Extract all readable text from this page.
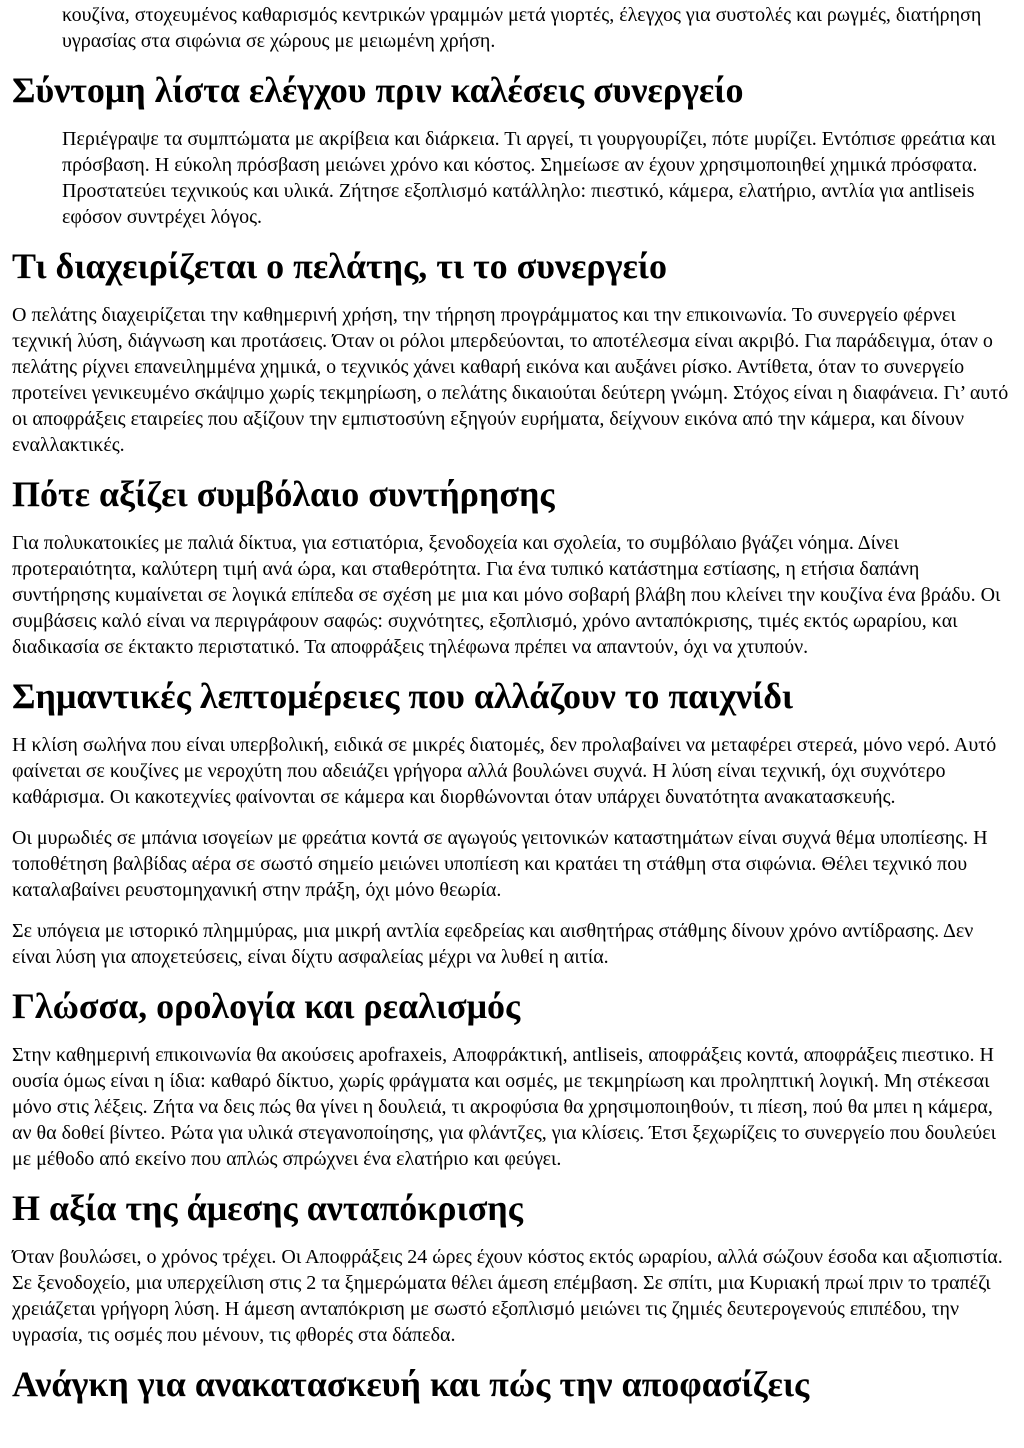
κουζίνα, στοχευμένος καθαρισμός κεντρικών γραμμών μετά γιορτές, έλεγχος για συστολές και ρωγμές, διατήρηση υγρασίας στα σιφώνια σε χώρους με μειωμένη χρήση.

Σύντομη λίστα ελέγχου πριν καλέσεις συνεργείο

Περιέγραψε τα συμπτώματα με ακρίβεια και διάρκεια. Τι αργεί, τι γουργουρίζει, πότε μυρίζει. Εντόπισε φρεάτια και πρόσβαση. Η εύκολη πρόσβαση μειώνει χρόνο και κόστος. Σημείωσε αν έχουν χρησιμοποιηθεί χημικά πρόσφατα. Προστατεύει τεχνικούς και υλικά. Ζήτησε εξοπλισμό κατάλληλο: πιεστικό, κάμερα, ελατήριο, αντλία για antliseis εφόσον συντρέχει λόγος.

Τι διαχειρίζεται ο πελάτης, τι το συνεργείο

Ο πελάτης διαχειρίζεται την καθημερινή χρήση, την τήρηση προγράμματος και την επικοινωνία. Το συνεργείο φέρνει τεχνική λύση, διάγνωση και προτάσεις. Όταν οι ρόλοι μπερδεύονται, το αποτέλεσμα είναι ακριβό. Για παράδειγμα, όταν ο πελάτης ρίχνει επανειλημμένα χημικά, ο τεχνικός χάνει καθαρή εικόνα και αυξάνει ρίσκο. Αντίθετα, όταν το συνεργείο προτείνει γενικευμένο σκάψιμο χωρίς τεκμηρίωση, ο πελάτης δικαιούται δεύτερη γνώμη. Στόχος είναι η διαφάνεια. Γι’ αυτό οι αποφράξεις εταιρείες που αξίζουν την εμπιστοσύνη εξηγούν ευρήματα, δείχνουν εικόνα από την κάμερα, και δίνουν εναλλακτικές.

Πότε αξίζει συμβόλαιο συντήρησης

Για πολυκατοικίες με παλιά δίκτυα, για εστιατόρια, ξενοδοχεία και σχολεία, το συμβόλαιο βγάζει νόημα. Δίνει προτεραιότητα, καλύτερη τιμή ανά ώρα, και σταθερότητα. Για ένα τυπικό κατάστημα εστίασης, η ετήσια δαπάνη συντήρησης κυμαίνεται σε λογικά επίπεδα σε σχέση με μια και μόνο σοβαρή βλάβη που κλείνει την κουζίνα ένα βράδυ. Οι συμβάσεις καλό είναι να περιγράφουν σαφώς: συχνότητες, εξοπλισμό, χρόνο ανταπόκρισης, τιμές εκτός ωραρίου, και διαδικασία σε έκτακτο περιστατικό. Τα αποφράξεις τηλέφωνα πρέπει να απαντούν, όχι να χτυπούν.

Σημαντικές λεπτομέρειες που αλλάζουν το παιχνίδι

Η κλίση σωλήνα που είναι υπερβολική, ειδικά σε μικρές διατομές, δεν προλαβαίνει να μεταφέρει στερεά, μόνο νερό. Αυτό φαίνεται σε κουζίνες με νεροχύτη που αδειάζει γρήγορα αλλά βουλώνει συχνά. Η λύση είναι τεχνική, όχι συχνότερο καθάρισμα. Οι κακοτεχνίες φαίνονται σε κάμερα και διορθώνονται όταν υπάρχει δυνατότητα ανακατασκευής.

Οι μυρωδιές σε μπάνια ισογείων με φρεάτια κοντά σε αγωγούς γειτονικών καταστημάτων είναι συχνά θέμα υποπίεσης. Η τοποθέτηση βαλβίδας αέρα σε σωστό σημείο μειώνει υποπίεση και κρατάει τη στάθμη στα σιφώνια. Θέλει τεχνικό που καταλαβαίνει ρευστομηχανική στην πράξη, όχι μόνο θεωρία.

Σε υπόγεια με ιστορικό πλημμύρας, μια μικρή αντλία εφεδρείας και αισθητήρας στάθμης δίνουν χρόνο αντίδρασης. Δεν είναι λύση για αποχετεύσεις, είναι δίχτυ ασφαλείας μέχρι να λυθεί η αιτία.

Γλώσσα, ορολογία και ρεαλισμός

Στην καθημερινή επικοινωνία θα ακούσεις apofraxeis, Αποφράκτική, antliseis, αποφράξεις κοντά, αποφράξεις πιεστικο. Η ουσία όμως είναι η ίδια: καθαρό δίκτυο, χωρίς φράγματα και οσμές, με τεκμηρίωση και προληπτική λογική. Μη στέκεσαι μόνο στις λέξεις. Ζήτα να δεις πώς θα γίνει η δουλειά, τι ακροφύσια θα χρησιμοποιηθούν, τι πίεση, πού θα μπει η κάμερα, αν θα δοθεί βίντεο. Ρώτα για υλικά στεγανοποίησης, για φλάντζες, για κλίσεις. Έτσι ξεχωρίζεις το συνεργείο που δουλεύει με μέθοδο από εκείνο που απλώς σπρώχνει ένα ελατήριο και φεύγει.

Η αξία της άμεσης ανταπόκρισης

Όταν βουλώσει, ο χρόνος τρέχει. Οι Αποφράξεις 24 ώρες έχουν κόστος εκτός ωραρίου, αλλά σώζουν έσοδα και αξιοπιστία. Σε ξενοδοχείο, μια υπερχείλιση στις 2 τα ξημερώματα θέλει άμεση επέμβαση. Σε σπίτι, μια Κυριακή πρωί πριν το τραπέζι χρειάζεται γρήγορη λύση. Η άμεση ανταπόκριση με σωστό εξοπλισμό μειώνει τις ζημιές δευτερογενούς επιπέδου, την υγρασία, τις οσμές που μένουν, τις φθορές στα δάπεδα.

Ανάγκη για ανακατασκευή και πώς την αποφασίζεις
